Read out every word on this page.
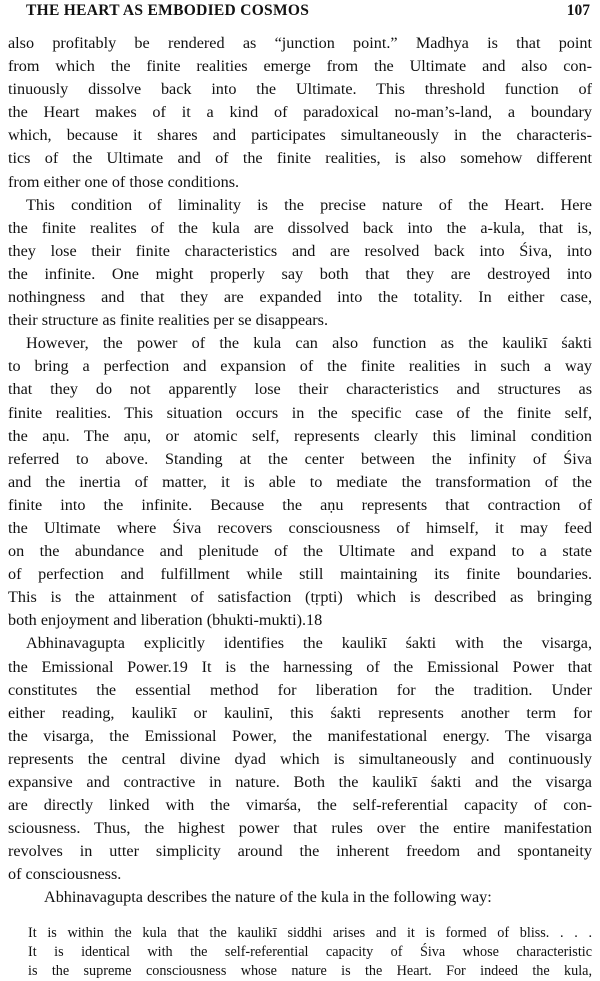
THE HEART AS EMBODIED COSMOS	107
also profitably be rendered as “junction point.” Madhya is that point
from which the finite realities emerge from the Ultimate and also con-
tinuously dissolve back into the Ultimate. This threshold function of
the Heart makes of it a kind of paradoxical no-man’s-land, a boundary
which, because it shares and participates simultaneously in the characteris-
tics of the Ultimate and of the finite realities, is also somehow different
from either one of those conditions.
This condition of liminality is the precise nature of the Heart. Here
the finite realites of the kula are dissolved back into the a-kula, that is,
they lose their finite characteristics and are resolved back into Śiva, into
the infinite. One might properly say both that they are destroyed into
nothingness and that they are expanded into the totality. In either case,
their structure as finite realities per se disappears.
However, the power of the kula can also function as the kaulikī śakti
to bring a perfection and expansion of the finite realities in such a way
that they do not apparently lose their characteristics and structures as
finite realities. This situation occurs in the specific case of the finite self,
the aṇu. The aṇu, or atomic self, represents clearly this liminal condition
referred to above. Standing at the center between the infinity of Śiva
and the inertia of matter, it is able to mediate the transformation of the
finite into the infinite. Because the aṇu represents that contraction of
the Ultimate where Śiva recovers consciousness of himself, it may feed
on the abundance and plenitude of the Ultimate and expand to a state
of perfection and fulfillment while still maintaining its finite boundaries.
This is the attainment of satisfaction (tṛpti) which is described as bringing
both enjoyment and liberation (bhukti-mukti).18
Abhinavagupta explicitly identifies the kaulikī śakti with the visarga,
the Emissional Power.19 It is the harnessing of the Emissional Power that
constitutes the essential method for liberation for the tradition. Under
either reading, kaulikī or kaulinī, this śakti represents another term for
the visarga, the Emissional Power, the manifestational energy. The visarga
represents the central divine dyad which is simultaneously and continuously
expansive and contractive in nature. Both the kaulikī śakti and the visarga
are directly linked with the vimarśa, the self-referential capacity of con-
sciousness. Thus, the highest power that rules over the entire manifestation
revolves in utter simplicity around the inherent freedom and spontaneity
of consciousness.
Abhinavagupta describes the nature of the kula in the following way:
It is within the kula that the kaulikī siddhi arises and it is formed of bliss. . . .
It is identical with the self-referential capacity of Śiva whose characteristic
is the supreme consciousness whose nature is the Heart. For indeed the kula,
